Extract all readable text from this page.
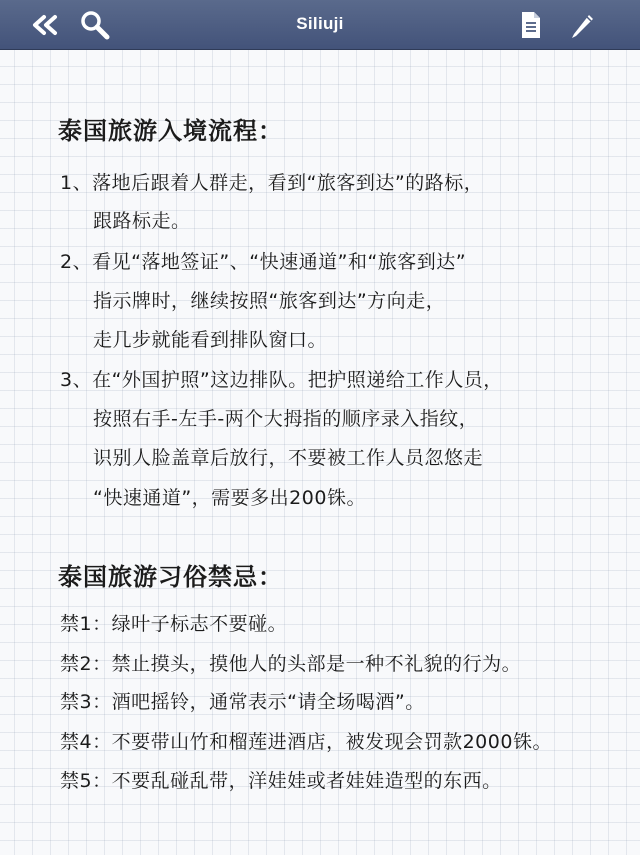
Siliuji
泰国旅游入境流程：
1、落地后跟着人群走，看到“旅客到达”的路标，
跟路标走。
2、看见“落地签证”、“快速通道”和“旅客到达”
指示牌时，继续按照“旅客到达”方向走，
走几步就能看到排队窗口。
3、在“外国护照”这边排队。把护照递给工作人员，
按照右手-左手-两个大拇指的顺序录入指纹，
识别人脸盖章后放行，不要被工作人员忽悠走
“快速通道”，需要多出200铢。
泰国旅游习俗禁忌：
禁1：绿叶子标志不要碰。
禁2：禁止摸头，摸他人的头部是一种不礼貌的行为。
禁3：酒吧摇铃，通常表示“请全场喝酒”。
禁4：不要带山竹和榴莲进酒店，被发现会罚款2000铢。
禁5：不要乱碰乱带，洋娃娃或者娃娃造型的东西。
